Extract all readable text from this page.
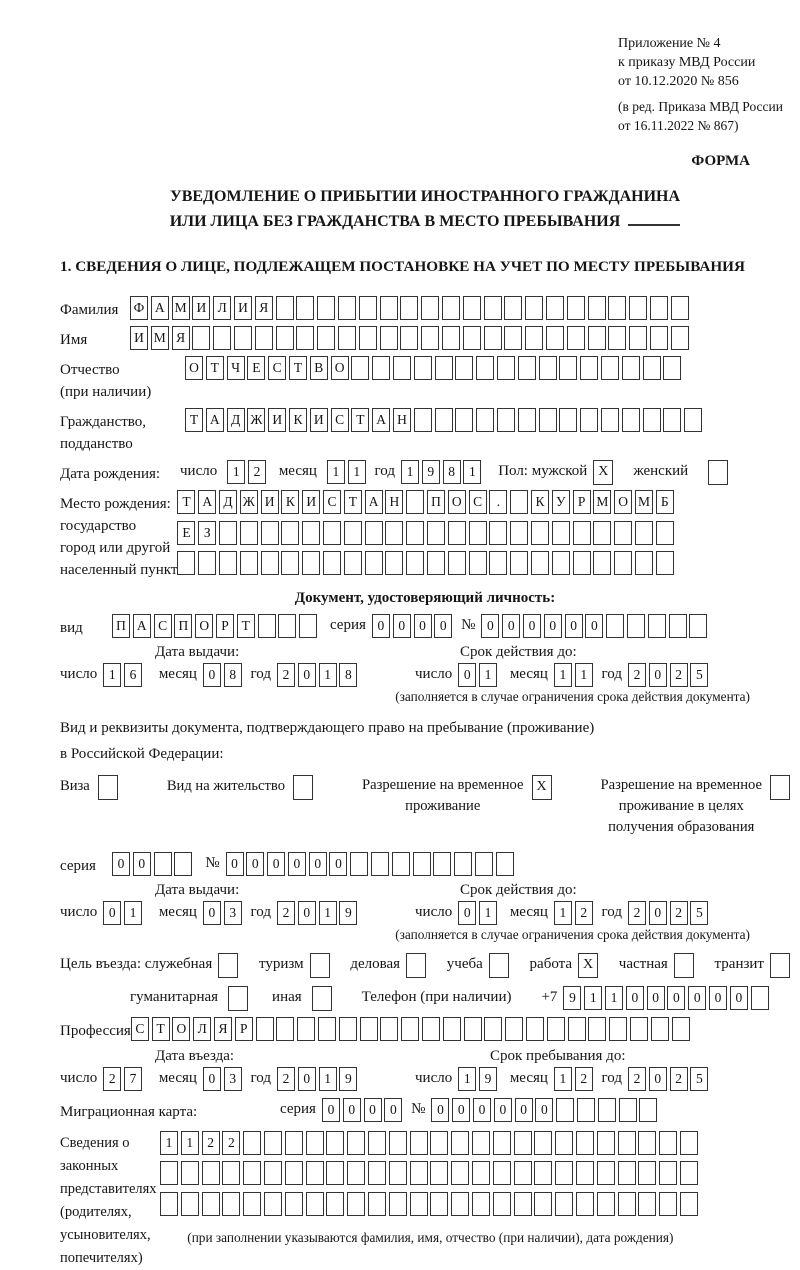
Приложение № 4
к приказу МВД России
от 10.12.2020 № 856
(в ред. Приказа МВД России
от 16.11.2022 № 867)
ФОРМА
УВЕДОМЛЕНИЕ О ПРИБЫТИИ ИНОСТРАННОГО ГРАЖДАНИНА
ИЛИ ЛИЦА БЕЗ ГРАЖДАНСТВА В МЕСТО ПРЕБЫВАНИЯ
1. СВЕДЕНИЯ О ЛИЦЕ, ПОДЛЕЖАЩЕМ ПОСТАНОВКЕ НА УЧЕТ ПО МЕСТУ ПРЕБЫВАНИЯ
Фамилия	Ф А М И Л И Я
Имя	И М Я
Отчество
(при наличии)
О Т Ч Е С Т В О
Гражданство,
подданство
Т А Д Ж И К И С Т А Н
Дата рождения:	число	1 2	месяц	1 1 год 1 9 8 1	Пол: мужской X	женский
Место рождения:
государство
город или другой
населенный пункт
Т А Д Ж И К И С Т А Н П О С .	К У Р М О М Б
Е З
Документ, удостоверяющий личность:
вид	П А С П О Р Т	серия 0 0 0 0 № 0 0 0 0 0 0
Дата выдачи:	Срок действия до:
число 1 6	месяц 0 8 год 2 0 1 8	число 0 1	месяц 1 1 год 2 0 2 5
(заполняется в случае ограничения срока действия документа)
Вид и реквизиты документа, подтверждающего право на пребывание (проживание)
в Российской Федерации:
Виза	Вид на жительство	Разрешение на временное
проживание
X	Разрешение на временное
проживание в целях
получения образования
серия	0 0	№ 0 0 0 0 0 0
Дата выдачи:	Срок действия до:
число 0 1	месяц 0 3 год 2 0 1 9	число 0 1	месяц 1 2 год 2 0 2 5
(заполняется в случае ограничения срока действия документа)
Цель въезда: служебная	туризм	деловая	учеба	работа X	частная	транзит
гуманитарная	иная	Телефон (при наличии) +7 9 1 1 0 0 0 0 0 0
Профессия С Т О Л Я Р
Дата въезда:	Срок пребывания до:
число 2 7	месяц 0 3 год 2 0 1 9	число 1 9	месяц 1 2 год 2 0 2 5
Миграционная карта:	серия 0 0 0 0 № 0 0 0 0 0 0
Сведения о
законных
представителях
(родителях,
усыновителях,
попечителях)
1 1 2 2
(при заполнении указываются фамилия, имя, отчество (при наличии), дата рождения)
